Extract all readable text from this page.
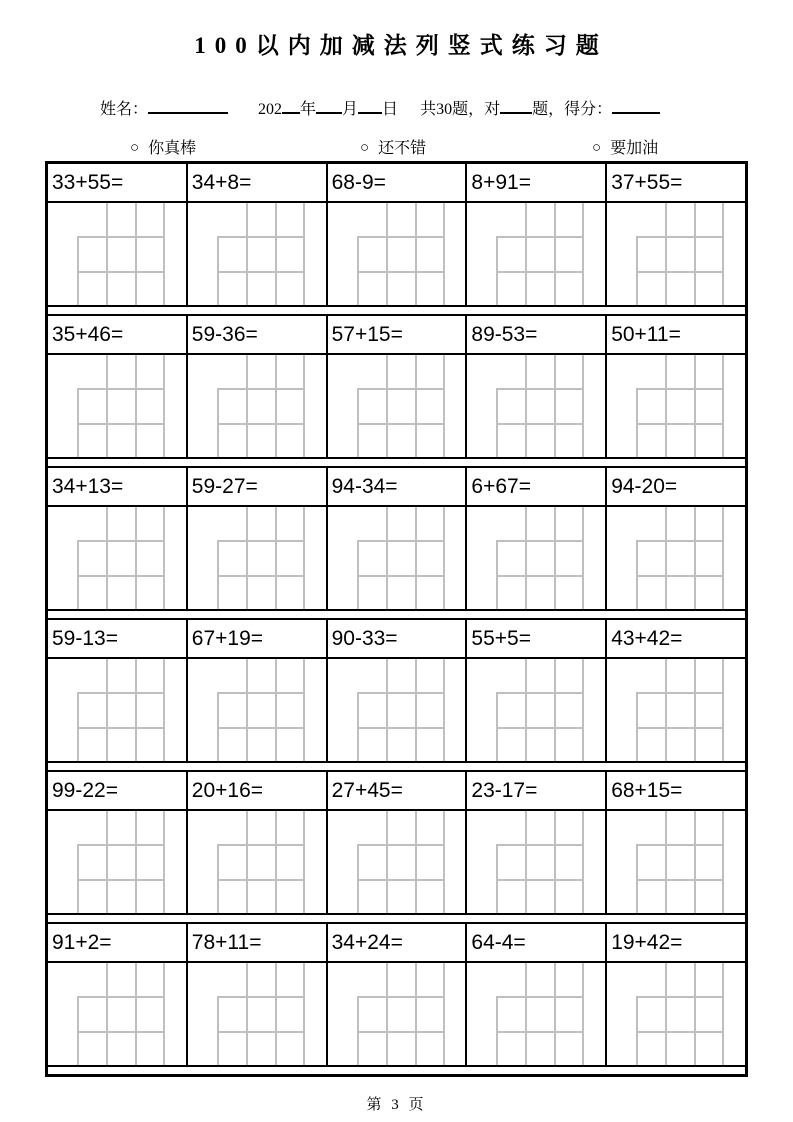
100以内加减法列竖式练习题
姓名：	202 年 月 日 共30题，对 题，得分：
○ 你真棒	○ 还不错	○ 要加油
33+55=	34+8=	68-9=	8+91=	37+55=
35+46=	59-36=	57+15=	89-53=	50+11=
34+13=	59-27=	94-34=	6+67=	94-20=
59-13=	67+19=	90-33=	55+5=	43+42=
99-22=	20+16=	27+45=	23-17=	68+15=
91+2=	78+11=	34+24=	64-4=	19+42=
第 3 页
